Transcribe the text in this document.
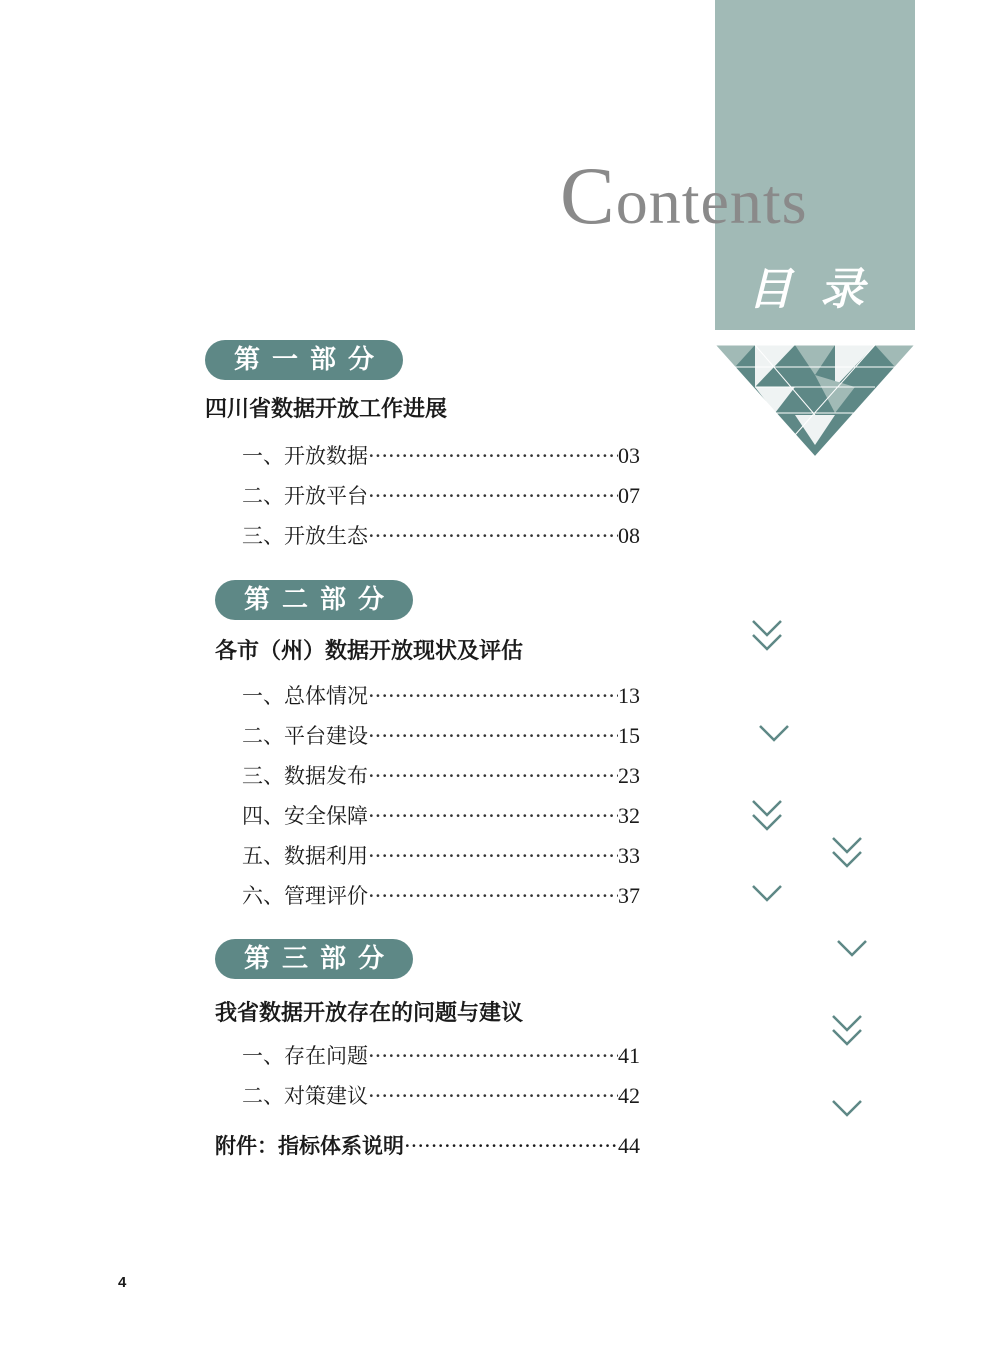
Contents
目录
第一部分
四川省数据开放工作进展
一、开放数据 ·····	03
二、开放平台 ·····	07
三、开放生态 ·····	08
第二部分
各市（州）数据开放现状及评估
一、总体情况 ·····	13
二、平台建设 ·····	15
三、数据发布 ·····	23
四、安全保障 ·····	32
五、数据利用 ·····	33
六、管理评价 ·····	37
第三部分
我省数据开放存在的问题与建议
一、存在问题 ·····	41
二、对策建议 ·····	42
附件：指标体系说明 ·····	44
4
